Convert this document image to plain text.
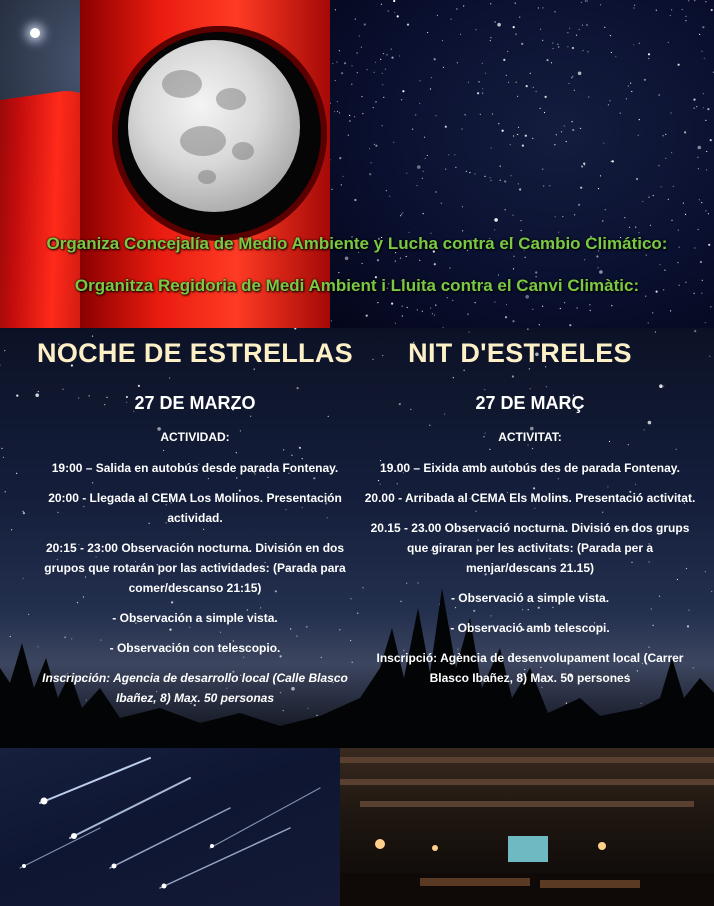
Organiza Concejalía de Medio Ambiente y Lucha contra el Cambio Climático:
Organitza Regidoria de Medi Ambient i Lluita contra el Canvi Climàtic:
NOCHE DE ESTRELLAS
27 DE MARZO
ACTIVIDAD:
19:00 – Salida en autobús desde parada Fontenay.
20:00 - Llegada al CEMA Los Molinos. Presentación actividad.
20:15 - 23:00 Observación nocturna. División en dos grupos que rotarán por las actividades: (Parada para comer/descanso 21:15)
- Observación a simple vista.
- Observación con telescopio.
Inscripción: Agencia de desarrollo local (Calle Blasco Ibañez, 8) Max. 50 personas
NIT D'ESTRELES
27 DE MARÇ
ACTIVITAT:
19.00 – Eixida amb autobús des de parada Fontenay.
20.00 - Arribada al CEMA Els Molins. Presentació activitat.
20.15 - 23.00 Observació nocturna. Divisió en dos grups que giraran per les activitats: (Parada per a menjar/descans 21.15)
- Observació a simple vista.
- Observació amb telescopi.
Inscripció: Agència de desenvolupament local (Carrer Blasco Ibañez, 8) Max. 50 persones
